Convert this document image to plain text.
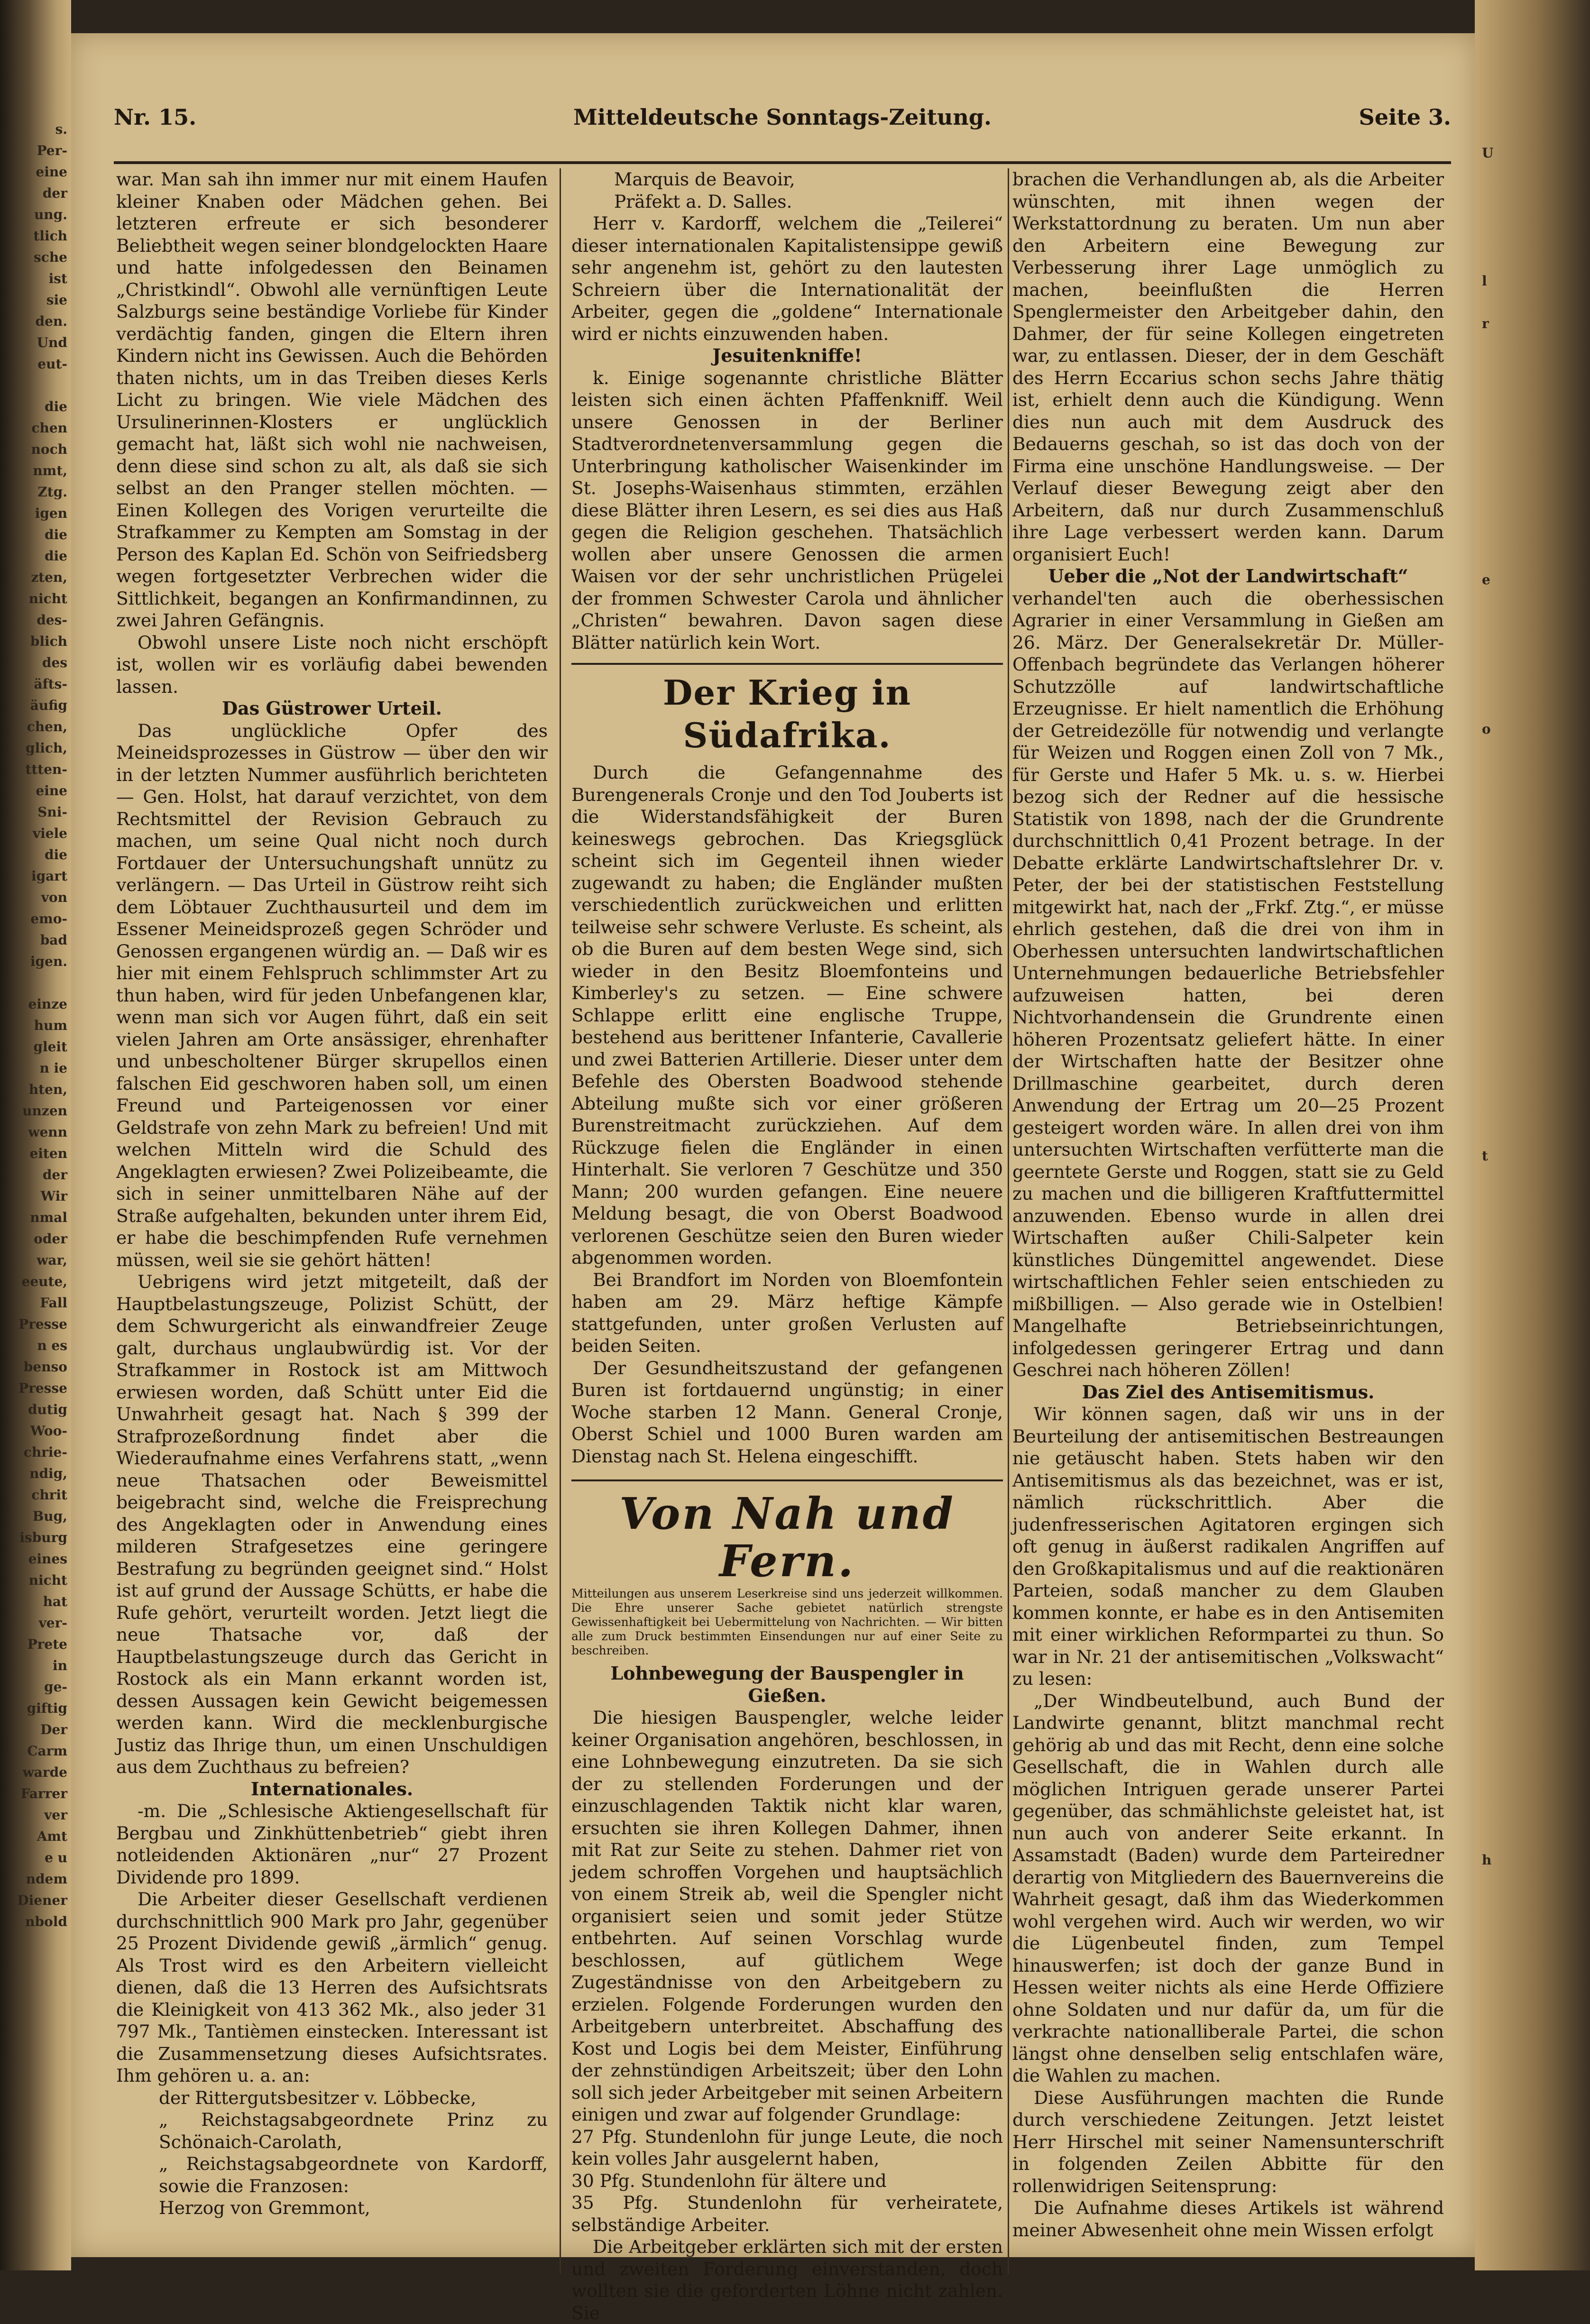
s.
Per-
eine
der
ung.
tlich
sche
ist
sie
den.
Und
eut-

die
chen
noch
nmt,
Ztg.
igen
die
die
zten,
nicht
des-
blich
des
äfts-
äufig
chen,
glich,
ttten-
eine
Sni-
viele
die
igart
von
emo-
bad
igen.

einze
hum
gleit
n ie
hten,
unzen
wenn
eiten
der
Wir
nmal
oder
war,
eeute,
Fall
Presse
n es
benso
Presse
dutig
Woo-
chrie-
ndig,
chrit
Bug,
isburg
eines
nicht
hat
ver-
Prete
in
ge-
giftig
Der
Carm
warde
Farrer
ver
Amt
e u
ndem
Diener
nbold
U

l

r

e

o

t

h
Nr. 15.	Mitteldeutsche Sonntags-Zeitung.	Seite 3.
war. Man sah ihn immer nur mit einem Haufen kleiner Knaben oder Mädchen gehen. Bei letzteren erfreute er sich besonderer Beliebtheit wegen seiner blondgelockten Haare und hatte infolgedessen den Beinamen „Christkindl“. Obwohl alle vernünftigen Leute Salzburgs seine beständige Vorliebe für Kinder verdächtig fanden, gingen die Eltern ihren Kindern nicht ins Gewissen. Auch die Behörden thaten nichts, um in das Treiben dieses Kerls Licht zu bringen. Wie viele Mädchen des Ursulinerinnen-Klosters er unglücklich gemacht hat, läßt sich wohl nie nachweisen, denn diese sind schon zu alt, als daß sie sich selbst an den Pranger stellen möchten. — Einen Kollegen des Vorigen verurteilte die Strafkammer zu Kempten am Somstag in der Person des Kaplan Ed. Schön von Seifriedsberg wegen fortgesetzter Verbrechen wider die Sittlichkeit, begangen an Konfirmandinnen, zu zwei Jahren Gefängnis.
Obwohl unsere Liste noch nicht erschöpft ist, wollen wir es vorläufig dabei bewenden lassen.
Das Güstrower Urteil.
Das unglückliche Opfer des Meineidsprozesses in Güstrow — über den wir in der letzten Nummer ausführlich berichteten — Gen. Holst, hat darauf verzichtet, von dem Rechtsmittel der Revision Gebrauch zu machen, um seine Qual nicht noch durch Fortdauer der Untersuchungshaft unnütz zu verlängern. — Das Urteil in Güstrow reiht sich dem Löbtauer Zuchthausurteil und dem im Essener Meineidsprozeß gegen Schröder und Genossen ergangenen würdig an. — Daß wir es hier mit einem Fehlspruch schlimmster Art zu thun haben, wird für jeden Unbefangenen klar, wenn man sich vor Augen führt, daß ein seit vielen Jahren am Orte ansässiger, ehrenhafter und unbescholtener Bürger skrupellos einen falschen Eid geschworen haben soll, um einen Freund und Parteigenossen vor einer Geldstrafe von zehn Mark zu befreien! Und mit welchen Mitteln wird die Schuld des Angeklagten erwiesen? Zwei Polizeibeamte, die sich in seiner unmittelbaren Nähe auf der Straße aufgehalten, bekunden unter ihrem Eid, er habe die beschimpfenden Rufe vernehmen müssen, weil sie sie gehört hätten!
Uebrigens wird jetzt mitgeteilt, daß der Hauptbelastungszeuge, Polizist Schütt, der dem Schwurgericht als einwandfreier Zeuge galt, durchaus unglaubwürdig ist. Vor der Strafkammer in Rostock ist am Mittwoch erwiesen worden, daß Schütt unter Eid die Unwahrheit gesagt hat. Nach § 399 der Strafprozeßordnung findet aber die Wiederaufnahme eines Verfahrens statt, „wenn neue Thatsachen oder Beweismittel beigebracht sind, welche die Freisprechung des Angeklagten oder in Anwendung eines milderen Strafgesetzes eine geringere Bestrafung zu begründen geeignet sind.“ Holst ist auf grund der Aussage Schütts, er habe die Rufe gehört, verurteilt worden. Jetzt liegt die neue Thatsache vor, daß der Hauptbelastungszeuge durch das Gericht in Rostock als ein Mann erkannt worden ist, dessen Aussagen kein Gewicht beigemessen werden kann. Wird die mecklenburgische Justiz das Ihrige thun, um einen Unschuldigen aus dem Zuchthaus zu befreien?
Internationales.
-m. Die „Schlesische Aktiengesellschaft für Bergbau und Zinkhüttenbetrieb“ giebt ihren notleidenden Aktionären „nur“ 27 Prozent Dividende pro 1899.
Die Arbeiter dieser Gesellschaft verdienen durchschnittlich 900 Mark pro Jahr, gegenüber 25 Prozent Dividende gewiß „ärmlich“ genug. Als Trost wird es den Arbeitern vielleicht dienen, daß die 13 Herren des Aufsichtsrats die Kleinigkeit von 413 362 Mk., also jeder 31 797 Mk., Tantièmen einstecken. Interessant ist die Zusammensetzung dieses Aufsichtsrates. Ihm gehören u. a. an:
der Rittergutsbesitzer v. Löbbecke,
„ Reichstagsabgeordnete Prinz zu Schönaich-Carolath,
„ Reichstagsabgeordnete von Kardorff, sowie die Franzosen:
Herzog von Gremmont,
Marquis de Beavoir,
Präfekt a. D. Salles.
Herr v. Kardorff, welchem die „Teilerei“ dieser internationalen Kapitalistensippe gewiß sehr angenehm ist, gehört zu den lautesten Schreiern über die Internationalität der Arbeiter, gegen die „goldene“ Internationale wird er nichts einzuwenden haben.
Jesuitenkniffe!
k. Einige sogenannte christliche Blätter leisten sich einen ächten Pfaffenkniff. Weil unsere Genossen in der Berliner Stadtverordnetenversammlung gegen die Unterbringung katholischer Waisenkinder im St. Josephs-Waisenhaus stimmten, erzählen diese Blätter ihren Lesern, es sei dies aus Haß gegen die Religion geschehen. Thatsächlich wollen aber unsere Genossen die armen Waisen vor der sehr unchristlichen Prügelei der frommen Schwester Carola und ähnlicher „Christen“ bewahren. Davon sagen diese Blätter natürlich kein Wort.
Der Krieg in Südafrika.
Durch die Gefangennahme des Burengenerals Cronje und den Tod Jouberts ist die Widerstandsfähigkeit der Buren keineswegs gebrochen. Das Kriegsglück scheint sich im Gegenteil ihnen wieder zugewandt zu haben; die Engländer mußten verschiedentlich zurückweichen und erlitten teilweise sehr schwere Verluste. Es scheint, als ob die Buren auf dem besten Wege sind, sich wieder in den Besitz Bloemfonteins und Kimberley's zu setzen. — Eine schwere Schlappe erlitt eine englische Truppe, bestehend aus berittener Infanterie, Cavallerie und zwei Batterien Artillerie. Dieser unter dem Befehle des Obersten Boadwood stehende Abteilung mußte sich vor einer größeren Burenstreitmacht zurückziehen. Auf dem Rückzuge fielen die Engländer in einen Hinterhalt. Sie verloren 7 Geschütze und 350 Mann; 200 wurden gefangen. Eine neuere Meldung besagt, die von Oberst Boadwood verlorenen Geschütze seien den Buren wieder abgenommen worden.
Bei Brandfort im Norden von Bloemfontein haben am 29. März heftige Kämpfe stattgefunden, unter großen Verlusten auf beiden Seiten.
Der Gesundheitszustand der gefangenen Buren ist fortdauernd ungünstig; in einer Woche starben 12 Mann. General Cronje, Oberst Schiel und 1000 Buren warden am Dienstag nach St. Helena eingeschifft.
Von Nah und Fern.
Mitteilungen aus unserem Leserkreise sind uns jederzeit willkommen. Die Ehre unserer Sache gebietet natürlich strengste Gewissenhaftigkeit bei Uebermittelung von Nachrichten. — Wir bitten alle zum Druck bestimmten Einsendungen nur auf einer Seite zu beschreiben.
Lohnbewegung der Bauspengler in Gießen.
Die hiesigen Bauspengler, welche leider keiner Organisation angehören, beschlossen, in eine Lohnbewegung einzutreten. Da sie sich der zu stellenden Forderungen und der einzuschlagenden Taktik nicht klar waren, ersuchten sie ihren Kollegen Dahmer, ihnen mit Rat zur Seite zu stehen. Dahmer riet von jedem schroffen Vorgehen und hauptsächlich von einem Streik ab, weil die Spengler nicht organisiert seien und somit jeder Stütze entbehrten. Auf seinen Vorschlag wurde beschlossen, auf gütlichem Wege Zugeständnisse von den Arbeitgebern zu erzielen. Folgende Forderungen wurden den Arbeitgebern unterbreitet. Abschaffung des Kost und Logis bei dem Meister, Einführung der zehnstündigen Arbeitszeit; über den Lohn soll sich jeder Arbeitgeber mit seinen Arbeitern einigen und zwar auf folgender Grundlage:
27 Pfg. Stundenlohn für junge Leute, die noch kein volles Jahr ausgelernt haben,
30 Pfg. Stundenlohn für ältere und
35 Pfg. Stundenlohn für verheiratete, selbständige Arbeiter.
Die Arbeitgeber erklärten sich mit der ersten und zweiten Forderung einverstanden, doch wollten sie die geforderten Löhne nicht zahlen. Sie
brachen die Verhandlungen ab, als die Arbeiter wünschten, mit ihnen wegen der Werkstattordnung zu beraten. Um nun aber den Arbeitern eine Bewegung zur Verbesserung ihrer Lage unmöglich zu machen, beeinflußten die Herren Spenglermeister den Arbeitgeber dahin, den Dahmer, der für seine Kollegen eingetreten war, zu entlassen. Dieser, der in dem Geschäft des Herrn Eccarius schon sechs Jahre thätig ist, erhielt denn auch die Kündigung. Wenn dies nun auch mit dem Ausdruck des Bedauerns geschah, so ist das doch von der Firma eine unschöne Handlungsweise. — Der Verlauf dieser Bewegung zeigt aber den Arbeitern, daß nur durch Zusammenschluß ihre Lage verbessert werden kann. Darum organisiert Euch!
Ueber die „Not der Landwirtschaft“
verhandel'ten auch die oberhessischen Agrarier in einer Versammlung in Gießen am 26. März. Der Generalsekretär Dr. Müller-Offenbach begründete das Verlangen höherer Schutzzölle auf landwirtschaftliche Erzeugnisse. Er hielt namentlich die Erhöhung der Getreidezölle für notwendig und verlangte für Weizen und Roggen einen Zoll von 7 Mk., für Gerste und Hafer 5 Mk. u. s. w. Hierbei bezog sich der Redner auf die hessische Statistik von 1898, nach der die Grundrente durchschnittlich 0,41 Prozent betrage. In der Debatte erklärte Landwirtschaftslehrer Dr. v. Peter, der bei der statistischen Feststellung mitgewirkt hat, nach der „Frkf. Ztg.“, er müsse ehrlich gestehen, daß die drei von ihm in Oberhessen untersuchten landwirtschaftlichen Unternehmungen bedauerliche Betriebsfehler aufzuweisen hatten, bei deren Nichtvorhandensein die Grundrente einen höheren Prozentsatz geliefert hätte. In einer der Wirtschaften hatte der Besitzer ohne Drillmaschine gearbeitet, durch deren Anwendung der Ertrag um 20—25 Prozent gesteigert worden wäre. In allen drei von ihm untersuchten Wirtschaften verfütterte man die geerntete Gerste und Roggen, statt sie zu Geld zu machen und die billigeren Kraftfuttermittel anzuwenden. Ebenso wurde in allen drei Wirtschaften außer Chili-Salpeter kein künstliches Düngemittel angewendet. Diese wirtschaftlichen Fehler seien entschieden zu mißbilligen. — Also gerade wie in Ostelbien! Mangelhafte Betriebseinrichtungen, infolgedessen geringerer Ertrag und dann Geschrei nach höheren Zöllen!
Das Ziel des Antisemitismus.
Wir können sagen, daß wir uns in der Beurteilung der antisemitischen Bestreaungen nie getäuscht haben. Stets haben wir den Antisemitismus als das bezeichnet, was er ist, nämlich rückschrittlich. Aber die judenfresserischen Agitatoren ergingen sich oft genug in äußerst radikalen Angriffen auf den Großkapitalismus und auf die reaktionären Parteien, sodaß mancher zu dem Glauben kommen konnte, er habe es in den Antisemiten mit einer wirklichen Reformpartei zu thun. So war in Nr. 21 der antisemitischen „Volkswacht“ zu lesen:
„Der Windbeutelbund, auch Bund der Landwirte genannt, blitzt manchmal recht gehörig ab und das mit Recht, denn eine solche Gesellschaft, die in Wahlen durch alle möglichen Intriguen gerade unserer Partei gegenüber, das schmählichste geleistet hat, ist nun auch von anderer Seite erkannt. In Assamstadt (Baden) wurde dem Parteiredner derartig von Mitgliedern des Bauernvereins die Wahrheit gesagt, daß ihm das Wiederkommen wohl vergehen wird. Auch wir werden, wo wir die Lügenbeutel finden, zum Tempel hinauswerfen; ist doch der ganze Bund in Hessen weiter nichts als eine Herde Offiziere ohne Soldaten und nur dafür da, um für die verkrachte nationalliberale Partei, die schon längst ohne denselben selig entschlafen wäre, die Wahlen zu machen.
Diese Ausführungen machten die Runde durch verschiedene Zeitungen. Jetzt leistet Herr Hirschel mit seiner Namensunterschrift in folgenden Zeilen Abbitte für den rollenwidrigen Seitensprung:
Die Aufnahme dieses Artikels ist während meiner Abwesenheit ohne mein Wissen erfolgt
